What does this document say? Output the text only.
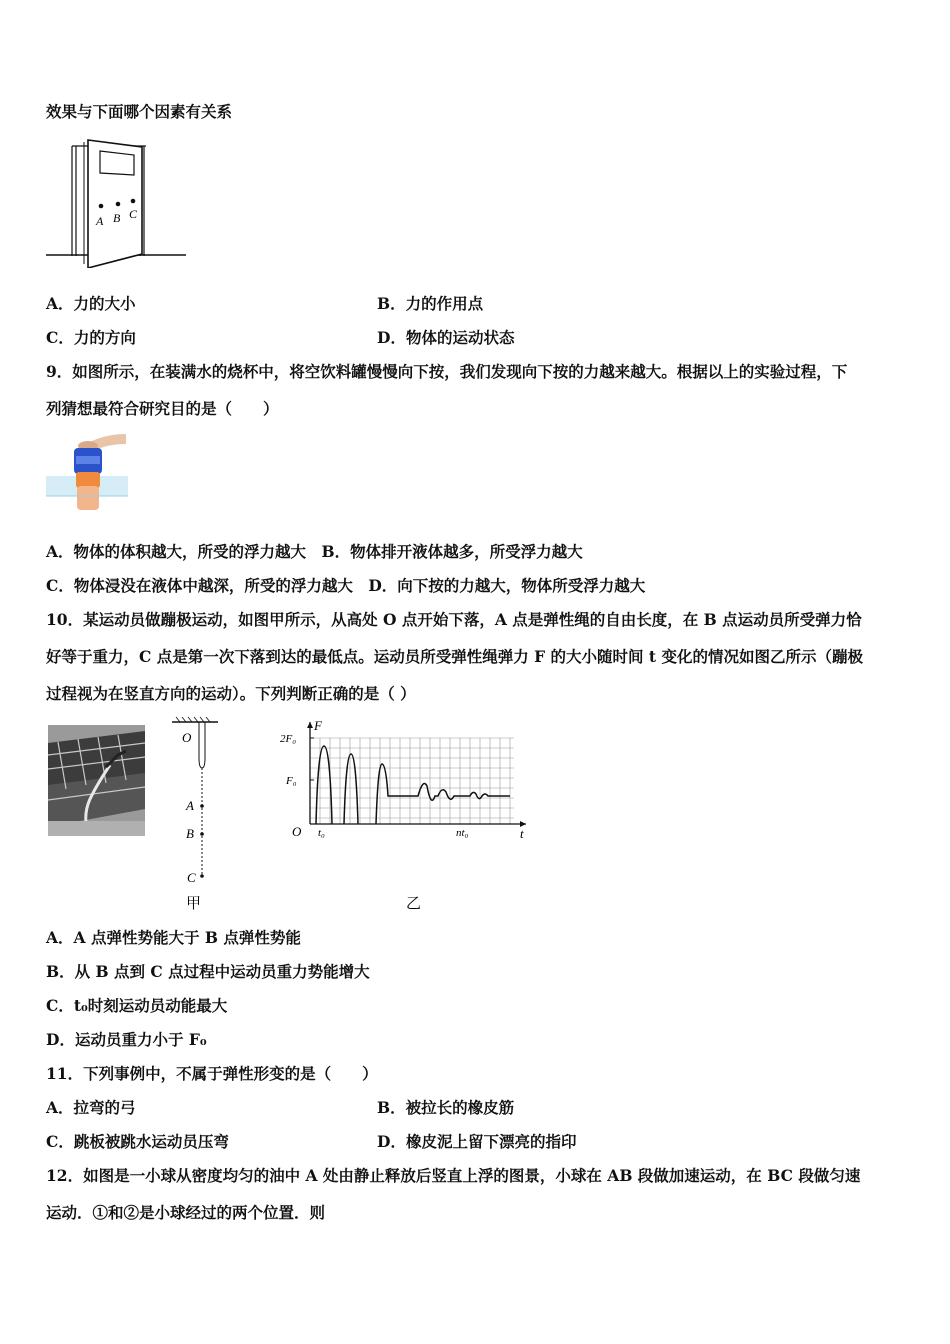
效果与下面哪个因素有关系
A B C
A．力的大小	B．力的作用点
C．力的方向	D．物体的运动状态
9．如图所示，在装满水的烧杯中，将空饮料罐慢慢向下按，我们发现向下按的力越来越大。根据以上的实验过程，下
列猜想最符合研究目的是（　　）
A．物体的体积越大，所受的浮力越大　B．物体排开液体越多，所受浮力越大
C．物体浸没在液体中越深，所受的浮力越大　D．向下按的力越大，物体所受浮力越大
10．某运动员做蹦极运动，如图甲所示，从高处 O 点开始下落，A 点是弹性绳的自由长度，在 B 点运动员所受弹力恰
好等于重力，C 点是第一次下落到达的最低点。运动员所受弹性绳弹力 F 的大小随时间 t 变化的情况如图乙所示（蹦极
过程视为在竖直方向的运动）。下列判断正确的是（ ）
O
A
B
C
甲
F
t
O
2F₀
F₀
t₀	nt₀
乙
A．A 点弹性势能大于 B 点弹性势能
B．从 B 点到 C 点过程中运动员重力势能增大
C．t₀时刻运动员动能最大
D．运动员重力小于 F₀
11．下列事例中，不属于弹性形变的是（　　）
A．拉弯的弓	B．被拉长的橡皮筋
C．跳板被跳水运动员压弯	D．橡皮泥上留下漂亮的指印
12．如图是一小球从密度均匀的油中 A 处由静止释放后竖直上浮的图景，小球在 AB 段做加速运动，在 BC 段做匀速
运动．①和②是小球经过的两个位置．则
